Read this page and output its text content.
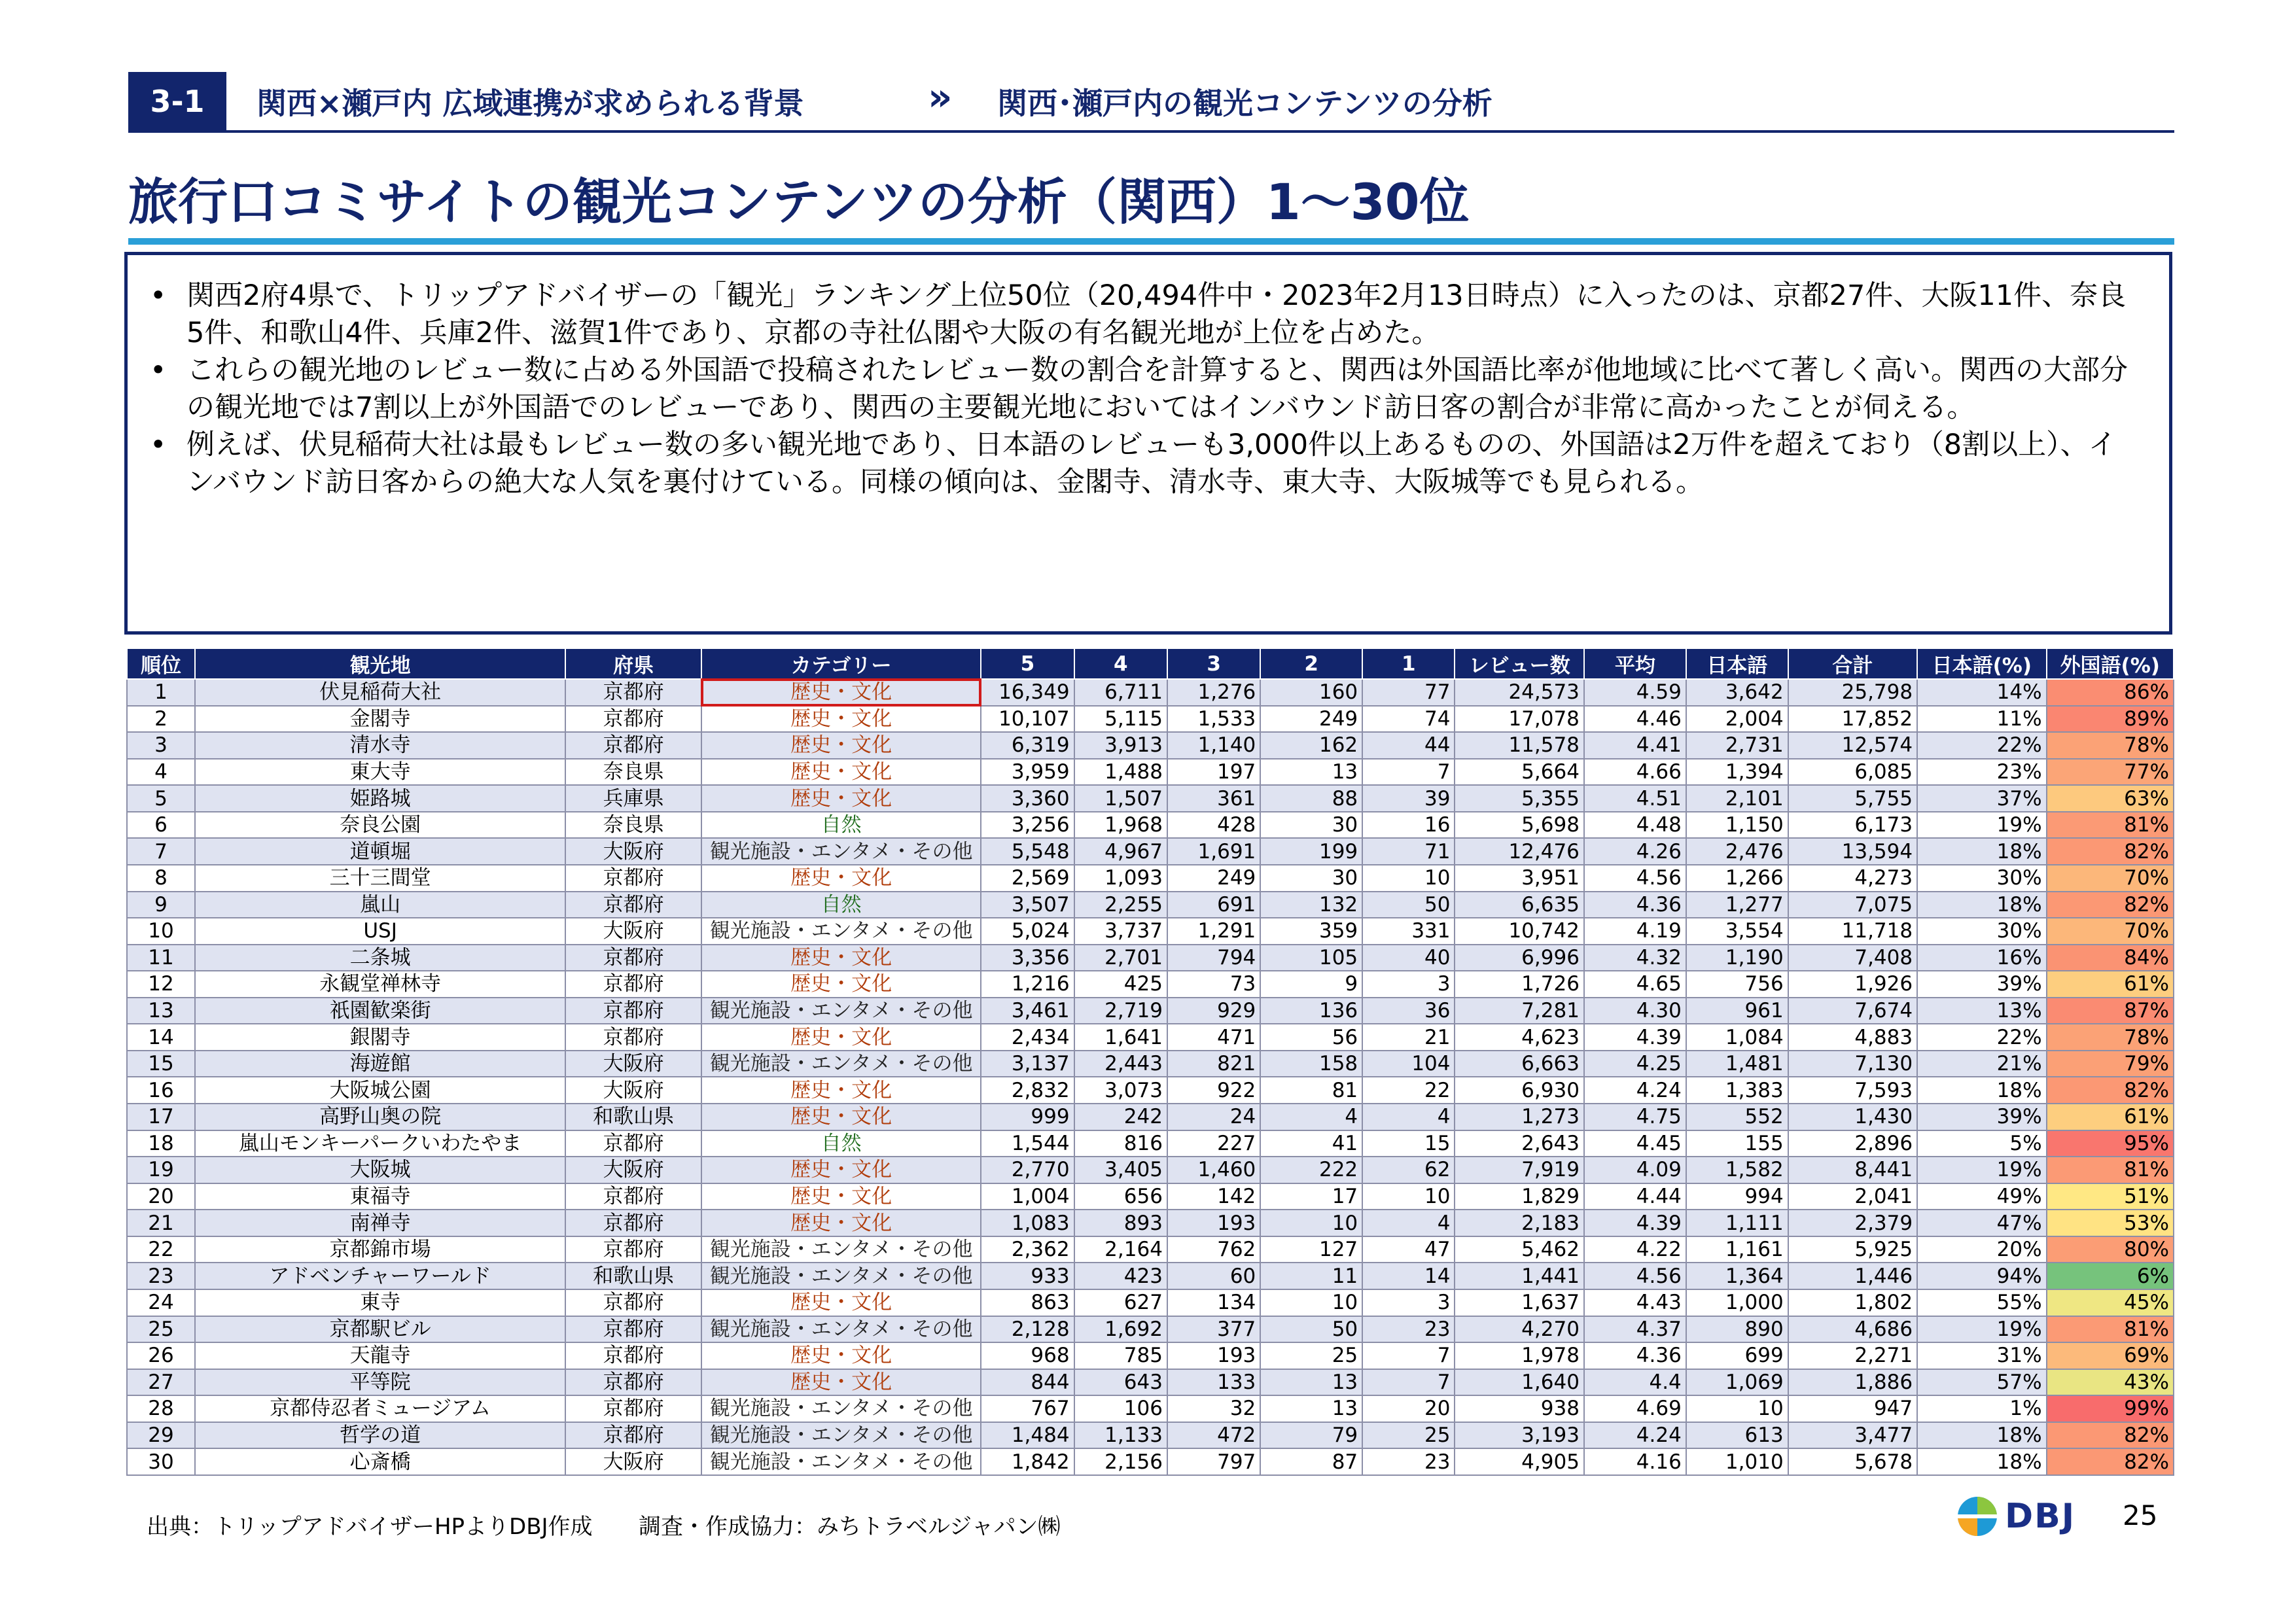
3-1	関西×瀬戸内 広域連携が求められる背景	» 関西･瀬戸内の観光コンテンツの分析
旅行口コミサイトの観光コンテンツの分析（関西）1～30位
• 関西2府4県で、トリップアドバイザーの「観光」ランキング上位50位（20,494件中・2023年2月13日時点）に入ったのは、京都27件、大阪11件、奈良5件、和歌山4件、兵庫2件、滋賀1件であり、京都の寺社仏閣や大阪の有名観光地が上位を占めた。
• これらの観光地のレビュー数に占める外国語で投稿されたレビュー数の割合を計算すると、関西は外国語比率が他地域に比べて著しく高い。関西の大部分の観光地では7割以上が外国語でのレビューであり、関西の主要観光地においてはインバウンド訪日客の割合が非常に高かったことが伺える。
• 例えば、伏見稲荷大社は最もレビュー数の多い観光地であり、日本語のレビューも3,000件以上あるものの、外国語は2万件を超えており（8割以上）、インバウンド訪日客からの絶大な人気を裏付けている。同様の傾向は、金閣寺、清水寺、東大寺、大阪城等でも見られる。
順位	観光地	府県	カテゴリー	5	4	3	2	1	レビュー数	平均	日本語	合計	日本語(%)	外国語(%)
1	伏見稲荷大社	京都府	歴史・文化	16,349	6,711	1,276	160	77	24,573	4.59	3,642	25,798	14%	86%
2	金閣寺	京都府	歴史・文化	10,107	5,115	1,533	249	74	17,078	4.46	2,004	17,852	11%	89%
3	清水寺	京都府	歴史・文化	6,319	3,913	1,140	162	44	11,578	4.41	2,731	12,574	22%	78%
4	東大寺	奈良県	歴史・文化	3,959	1,488	197	13	7	5,664	4.66	1,394	6,085	23%	77%
5	姫路城	兵庫県	歴史・文化	3,360	1,507	361	88	39	5,355	4.51	2,101	5,755	37%	63%
6	奈良公園	奈良県	自然	3,256	1,968	428	30	16	5,698	4.48	1,150	6,173	19%	81%
7	道頓堀	大阪府	観光施設・エンタメ・その他	5,548	4,967	1,691	199	71	12,476	4.26	2,476	13,594	18%	82%
8	三十三間堂	京都府	歴史・文化	2,569	1,093	249	30	10	3,951	4.56	1,266	4,273	30%	70%
9	嵐山	京都府	自然	3,507	2,255	691	132	50	6,635	4.36	1,277	7,075	18%	82%
10	USJ	大阪府	観光施設・エンタメ・その他	5,024	3,737	1,291	359	331	10,742	4.19	3,554	11,718	30%	70%
11	二条城	京都府	歴史・文化	3,356	2,701	794	105	40	6,996	4.32	1,190	7,408	16%	84%
12	永観堂禅林寺	京都府	歴史・文化	1,216	425	73	9	3	1,726	4.65	756	1,926	39%	61%
13	祇園歓楽街	京都府	観光施設・エンタメ・その他	3,461	2,719	929	136	36	7,281	4.30	961	7,674	13%	87%
14	銀閣寺	京都府	歴史・文化	2,434	1,641	471	56	21	4,623	4.39	1,084	4,883	22%	78%
15	海遊館	大阪府	観光施設・エンタメ・その他	3,137	2,443	821	158	104	6,663	4.25	1,481	7,130	21%	79%
16	大阪城公園	大阪府	歴史・文化	2,832	3,073	922	81	22	6,930	4.24	1,383	7,593	18%	82%
17	高野山奥の院	和歌山県	歴史・文化	999	242	24	4	4	1,273	4.75	552	1,430	39%	61%
18	嵐山モンキーパークいわたやま	京都府	自然	1,544	816	227	41	15	2,643	4.45	155	2,896	5%	95%
19	大阪城	大阪府	歴史・文化	2,770	3,405	1,460	222	62	7,919	4.09	1,582	8,441	19%	81%
20	東福寺	京都府	歴史・文化	1,004	656	142	17	10	1,829	4.44	994	2,041	49%	51%
21	南禅寺	京都府	歴史・文化	1,083	893	193	10	4	2,183	4.39	1,111	2,379	47%	53%
22	京都錦市場	京都府	観光施設・エンタメ・その他	2,362	2,164	762	127	47	5,462	4.22	1,161	5,925	20%	80%
23	アドベンチャーワールド	和歌山県	観光施設・エンタメ・その他	933	423	60	11	14	1,441	4.56	1,364	1,446	94%	6%
24	東寺	京都府	歴史・文化	863	627	134	10	3	1,637	4.43	1,000	1,802	55%	45%
25	京都駅ビル	京都府	観光施設・エンタメ・その他	2,128	1,692	377	50	23	4,270	4.37	890	4,686	19%	81%
26	天龍寺	京都府	歴史・文化	968	785	193	25	7	1,978	4.36	699	2,271	31%	69%
27	平等院	京都府	歴史・文化	844	643	133	13	7	1,640	4.4	1,069	1,886	57%	43%
28	京都侍忍者ミュージアム	京都府	観光施設・エンタメ・その他	767	106	32	13	20	938	4.69	10	947	1%	99%
29	哲学の道	京都府	観光施設・エンタメ・その他	1,484	1,133	472	79	25	3,193	4.24	613	3,477	18%	82%
30	心斎橋	大阪府	観光施設・エンタメ・その他	1,842	2,156	797	87	23	4,905	4.16	1,010	5,678	18%	82%
出典：トリップアドバイザーHPよりDBJ作成 調査・作成協力：みちトラベルジャパン㈱	DBJ 25
